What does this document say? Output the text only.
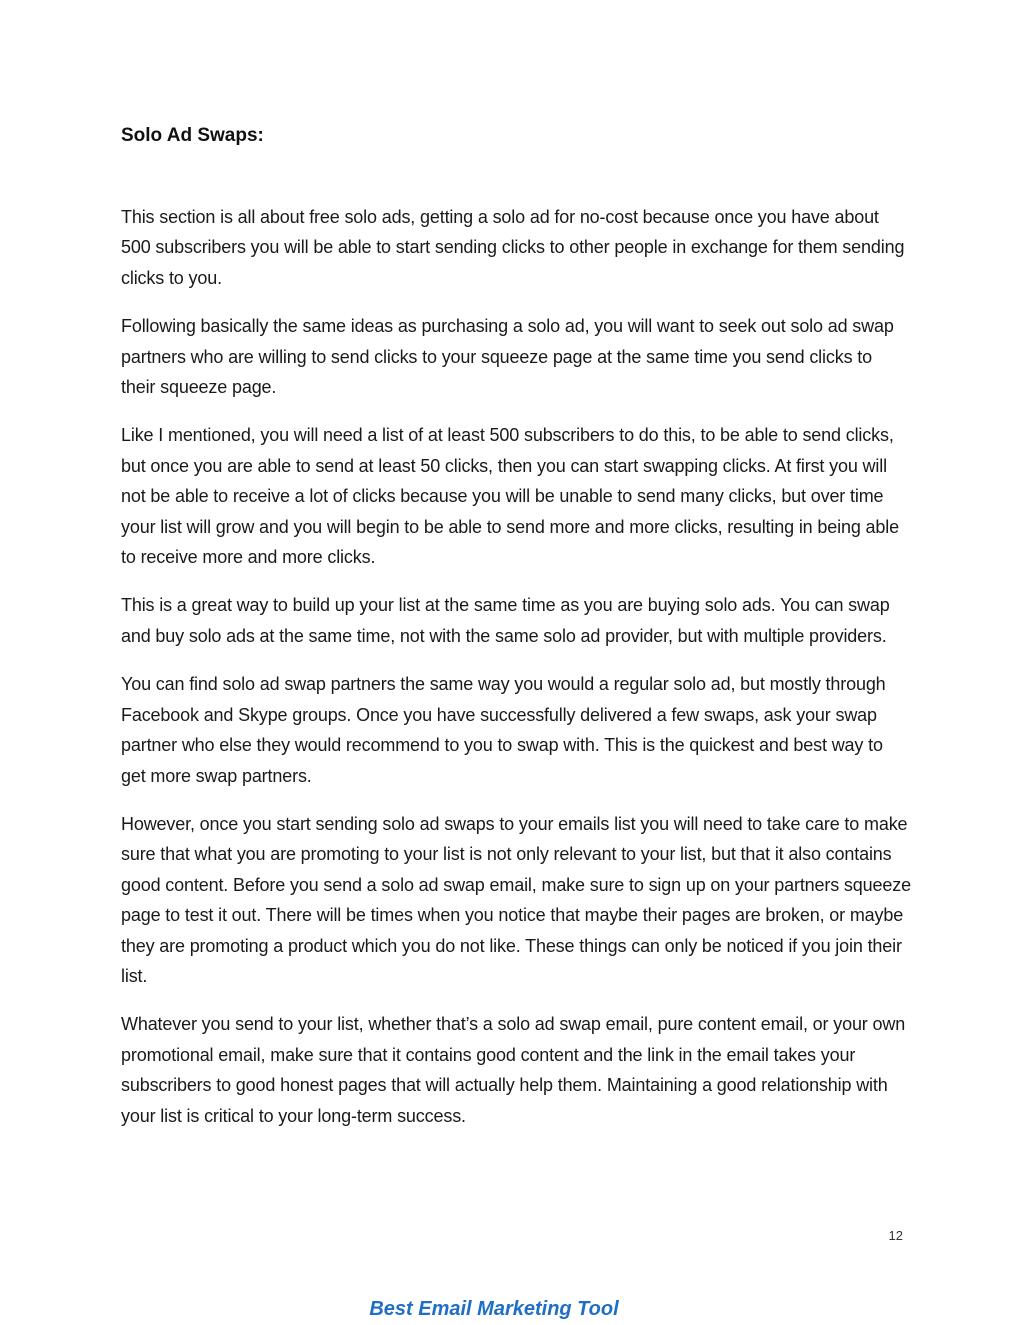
Solo Ad Swaps:

This section is all about free solo ads, getting a solo ad for no-cost because once you have about 500 subscribers you will be able to start sending clicks to other people in exchange for them sending clicks to you.

Following basically the same ideas as purchasing a solo ad, you will want to seek out solo ad swap partners who are willing to send clicks to your squeeze page at the same time you send clicks to their squeeze page.

Like I mentioned, you will need a list of at least 500 subscribers to do this, to be able to send clicks, but once you are able to send at least 50 clicks, then you can start swapping clicks. At first you will not be able to receive a lot of clicks because you will be unable to send many clicks, but over time your list will grow and you will begin to be able to send more and more clicks, resulting in being able to receive more and more clicks.

This is a great way to build up your list at the same time as you are buying solo ads. You can swap and buy solo ads at the same time, not with the same solo ad provider, but with multiple providers.

You can find solo ad swap partners the same way you would a regular solo ad, but mostly through Facebook and Skype groups. Once you have successfully delivered a few swaps, ask your swap partner who else they would recommend to you to swap with. This is the quickest and best way to get more swap partners.

However, once you start sending solo ad swaps to your emails list you will need to take care to make sure that what you are promoting to your list is not only relevant to your list, but that it also contains good content. Before you send a solo ad swap email, make sure to sign up on your partners squeeze page to test it out. There will be times when you notice that maybe their pages are broken, or maybe they are promoting a product which you do not like. These things can only be noticed if you join their list.

Whatever you send to your list, whether that’s a solo ad swap email, pure content email, or your own promotional email, make sure that it contains good content and the link in the email takes your subscribers to good honest pages that will actually help them. Maintaining a good relationship with your list is critical to your long-term success.

12
Best Email Marketing Tool
